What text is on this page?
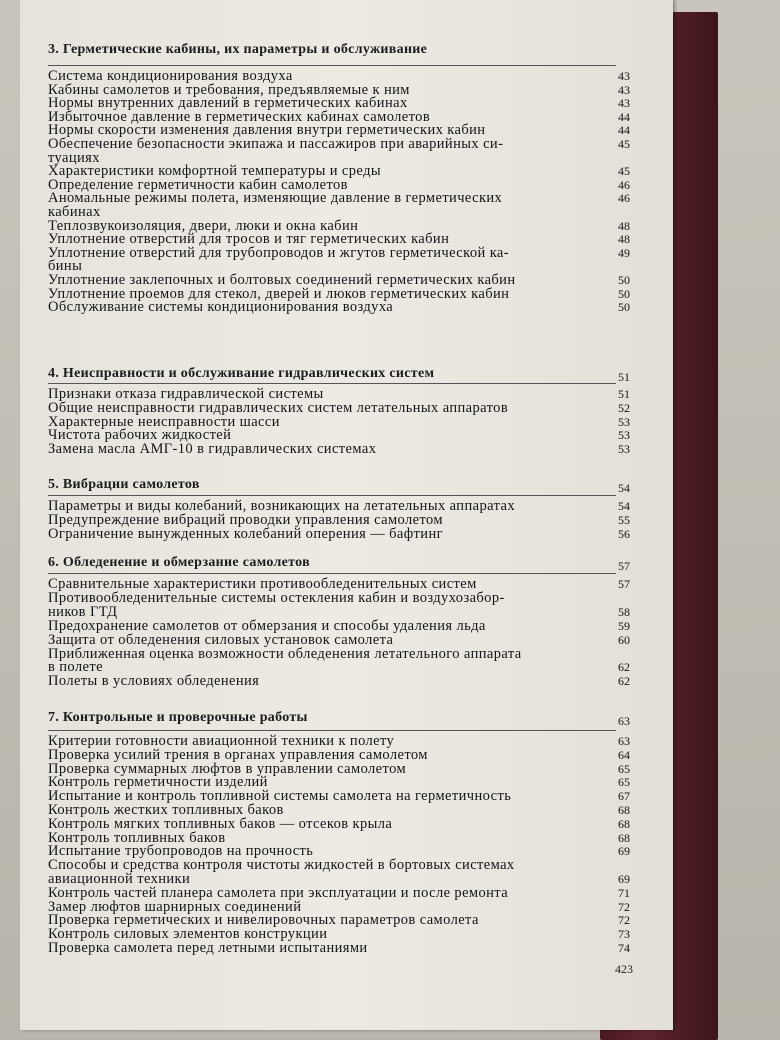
3. Герметические кабины, их параметры и обслуживание
Система кондиционирования воздуха	43
Кабины самолетов и требования, предъявляемые к ним	43
Нормы внутренних давлений в герметических кабинах	43
Избыточное давление в герметических кабинах самолетов	44
Нормы скорости изменения давления внутри герметических кабин	44
Обеспечение безопасности экипажа и пассажиров при аварийных си-	45
туациях
Характеристики комфортной температуры и среды	45
Определение герметичности кабин самолетов	46
Аномальные режимы полета, изменяющие давление в герметических	46
кабинах
Теплозвукоизоляция, двери, люки и окна кабин	48
Уплотнение отверстий для тросов и тяг герметических кабин	48
Уплотнение отверстий для трубопроводов и жгутов герметической ка-	49
бины
Уплотнение заклепочных и болтовых соединений герметических кабин	50
Уплотнение проемов для стекол, дверей и люков герметических кабин	50
Обслуживание системы кондиционирования воздуха	50
4. Неисправности и обслуживание гидравлических систем	51
Признаки отказа гидравлической системы	51
Общие неисправности гидравлических систем летательных аппаратов	52
Характерные неисправности шасси	53
Чистота рабочих жидкостей	53
Замена масла АМГ-10 в гидравлических системах	53
5. Вибрации самолетов	54
Параметры и виды колебаний, возникающих на летательных аппаратах	54
Предупреждение вибраций проводки управления самолетом	55
Ограничение вынужденных колебаний оперения — бафтинг	56
6. Обледенение и обмерзание самолетов	57
Сравнительные характеристики противообледенительных систем	57
Противообледенительные системы остекления кабин и воздухозабор-
ников ГТД	58
Предохранение самолетов от обмерзания и способы удаления льда	59
Защита от обледенения силовых установок самолета	60
Приближенная оценка возможности обледенения летательного аппарата
в полете	62
Полеты в условиях обледенения	62
7. Контрольные и проверочные работы	63
Критерии готовности авиационной техники к полету	63
Проверка усилий трения в органах управления самолетом	64
Проверка суммарных люфтов в управлении самолетом	65
Контроль герметичности изделий	65
Испытание и контроль топливной системы самолета на герметичность	67
Контроль жестких топливных баков	68
Контроль мягких топливных баков — отсеков крыла	68
Контроль топливных баков	68
Испытание трубопроводов на прочность	69
Способы и средства контроля чистоты жидкостей в бортовых системах
авиационной техники	69
Контроль частей планера самолета при эксплуатации и после ремонта	71
Замер люфтов шарнирных соединений	72
Проверка герметических и нивелировочных параметров самолета	72
Контроль силовых элементов конструкции	73
Проверка самолета перед летными испытаниями	74
423
